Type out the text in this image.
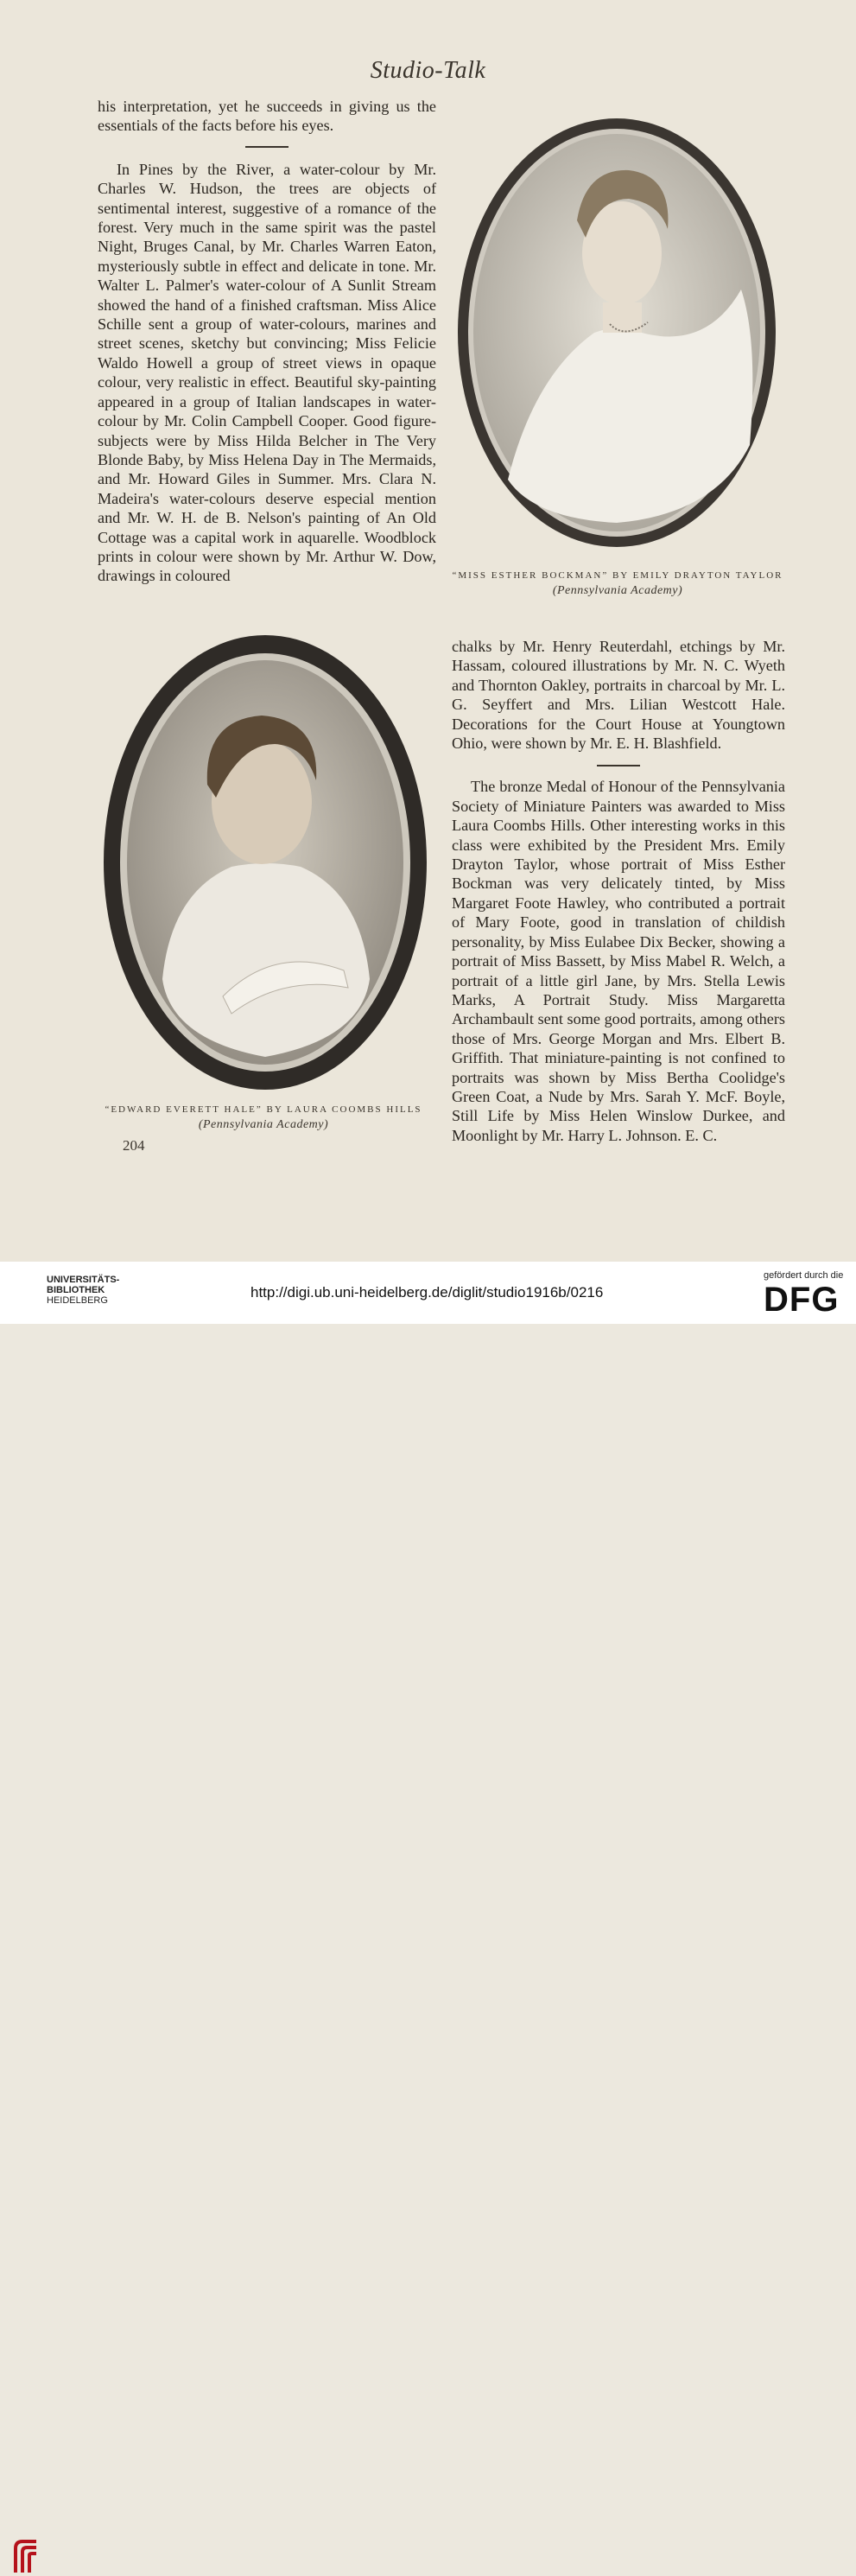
Studio-Talk

his interpretation, yet he succeeds in giving us the essentials of the facts before his eyes.

In Pines by the River, a water-colour by Mr. Charles W. Hudson, the trees are objects of sentimental interest, suggestive of a romance of the forest. Very much in the same spirit was the pastel Night, Bruges Canal, by Mr. Charles Warren Eaton, mysteriously subtle in effect and delicate in tone. Mr. Walter L. Palmer's water-colour of A Sunlit Stream showed the hand of a finished craftsman. Miss Alice Schille sent a group of water-colours, marines and street scenes, sketchy but convincing; Miss Felicie Waldo Howell a group of street views in opaque colour, very realistic in effect. Beautiful sky-painting appeared in a group of Italian landscapes in water-colour by Mr. Colin Campbell Cooper. Good figure-subjects were by Miss Hilda Belcher in The Very Blonde Baby, by Miss Helena Day in The Mermaids, and Mr. Howard Giles in Summer. Mrs. Clara N. Madeira's water-colours deserve especial mention and Mr. W. H. de B. Nelson's painting of An Old Cottage was a capital work in aquarelle. Woodblock prints in colour were shown by Mr. Arthur W. Dow, drawings in coloured	“MISS ESTHER BOCKMAN” BY EMILY DRAYTON TAYLOR
(Pennsylvania Academy)

chalks by Mr. Henry Reuterdahl, etchings by Mr. Hassam, coloured illustrations by Mr. N. C. Wyeth and Thornton Oakley, portraits in charcoal by Mr. L. G. Seyffert and Mrs. Lilian Westcott Hale. Decorations for the Court House at Youngtown Ohio, were shown by Mr. E. H. Blashfield.

The bronze Medal of Honour of the Pennsylvania Society of Miniature Painters was awarded to Miss Laura Coombs Hills. Other interesting works in this class were exhibited by the President Mrs. Emily Drayton Taylor, whose portrait of Miss Esther Bockman was very delicately tinted, by Miss Margaret Foote Hawley, who contributed a portrait of Mary Foote, good in translation of childish personality, by Miss Eulabee Dix Becker, showing a portrait of Miss Bassett, by Miss Mabel R. Welch, a portrait of a little girl Jane, by Mrs. Stella Lewis Marks, A Portrait Study. Miss Margaretta Archambault sent some good portraits, among others those of Mrs. George Morgan and Mrs. Elbert B. Griffith. That miniature-painting is not confined to portraits was shown by Miss Bertha Coolidge's Green Coat, a Nude by Mrs. Sarah Y. McF. Boyle, Still Life by Miss Helen Winslow Durkee, and Moonlight by Mr. Harry L. Johnson. E. C.

“EDWARD EVERETT HALE” BY LAURA COOMBS HILLS
(Pennsylvania Academy)
204
UNIVERSITÄTS-
BIBLIOTHEK
HEIDELBERG	http://digi.ub.uni-heidelberg.de/diglit/studio1916b/0216
gefördert durch die
DFG
